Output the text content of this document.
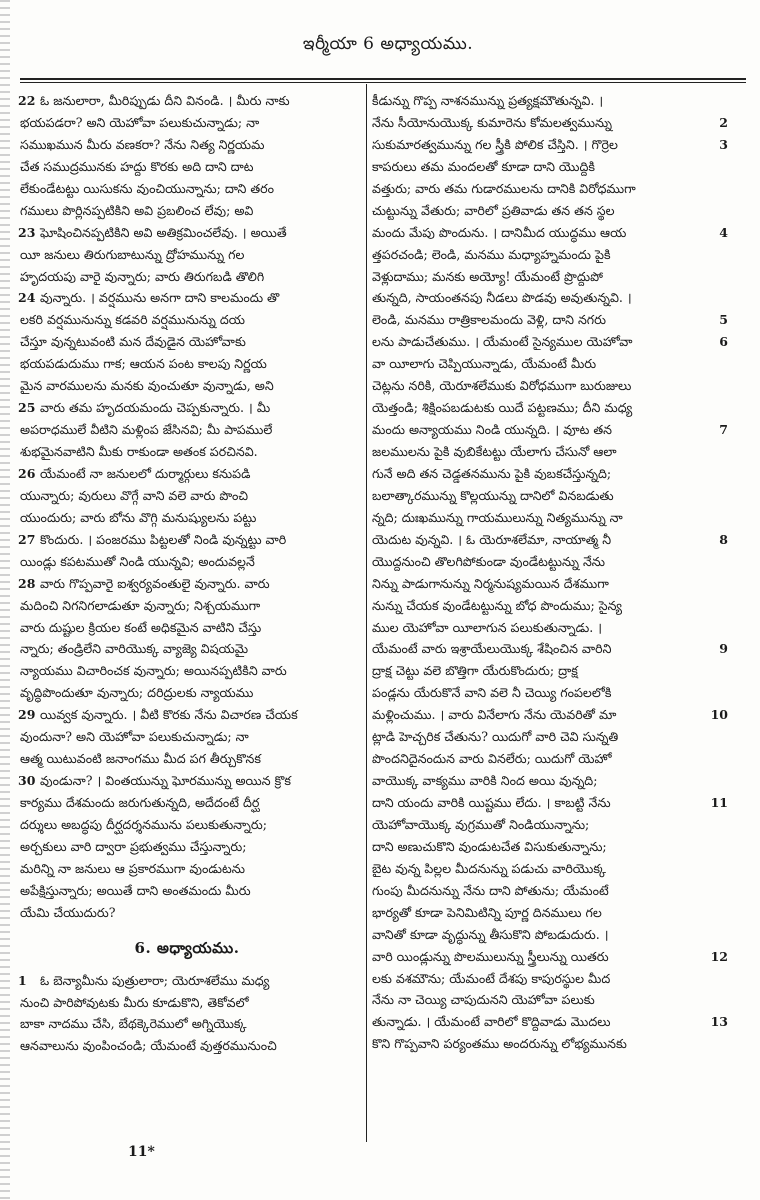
ఇర్మీయా 6 అధ్యాయము.
22 ఓ జనులారా, మీరిప్పుడు దీని వినండి. । మీరు నాకు
భయపడరా? అని యెహోవా పలుకుచున్నాడు; నా
సముఖమున మీరు వణకరా? నేను నిత్య నిర్ణయమ
చేత సముద్రమునకు హద్దు కొరకు అది దాని దాట
లేకుండేటట్టు యిసుకను వుంచియున్నాను; దాని తరం
గములు పొర్లినప్పటికిని అవి ప్రబలించ లేవు; అవి
23 ఘోషించినప్పటికిని అవి అతిక్రమించలేవు. । అయితే
యీ జనులు తిరుగుబాటున్ను ద్రోహమున్ను గల
హృదయపు వారై వున్నారు; వారు తిరుగబడి తొలిగి
24 వున్నారు. । వర్షమును అనగా దాని కాలమందు తొ
లకరి వర్షమునున్ను కడవరి వర్షమునున్ను దయ
చేస్తూ వున్నటువంటి మన దేవుడైన యెహోవాకు
భయపడుదుము గాక; ఆయన పంట కాలపు నిర్ణయ
మైన వారములను మనకు వుంచుతూ వున్నాడు, అని
25 వారు తమ హృదయమందు చెప్పకున్నారు. । మీ
అపరాధములే వీటిని మళ్లింప జేసినవి; మీ పాపములే
శుభమైనవాటిని మీకు రాకుండా అతంక పరచినవి.
26 యేమంటే నా జనులలో దుర్మార్గులు కనుపడి
యున్నారు; వురులు వొగ్గే వాని వలె వారు పొంచి
యుందురు; వారు బోను వొగ్గి మనుష్యులను పట్టు
27 కొందురు. । పంజరము పిట్టలతో నిండి వున్నట్టు వారి
యిండ్లు కపటముతో నిండి యున్నవి; అందువల్లనే
28 వారు గొప్పవారై ఐశ్వర్యవంతులై వున్నారు. వారు
మదించి నిగనిగలాడుతూ వున్నారు; నిశ్చయముగా
వారు దుష్టుల క్రియల కంటే అధికమైన వాటిని చేస్తు
న్నారు; తండ్రిలేని వారియొక్క వ్యాజ్యె విషయమై
న్యాయము విచారించక వున్నారు; అయినప్పటికిని వారు
వృద్ధిపొందుతూ వున్నారు; దరిద్రులకు న్యాయము
29 యివ్వక వున్నారు. । వీటి కొరకు నేను విచారణ చేయక
వుందునా? అని యెహోవా పలుకుచున్నాడు; నా
ఆత్మ యిటువంటి జనాంగము మీద పగ తీర్చుకొనక
30 వుండునా? । వింతయున్ను ఘోరమున్ను అయిన క్రొక
కార్యము దేశమందు జరుగుతున్నది, అదేదంటే దీర్ఘ
దర్శులు అబద్ధపు దీర్ఘదర్శనమును పలుకుతున్నారు;
అర్చకులు వారి ద్వారా ప్రభుత్వము చేస్తున్నారు;
మరిన్ని నా జనులు ఆ ప్రకారముగా వుండుటను
అపేక్షిస్తున్నారు; అయితే దాని అంతమందు మీరు
యేమి చేయుదురు?
6. అధ్యాయము.
1 ఓ బెన్యామీను పుత్రులారా; యెరూశలేము మధ్య
నుంచి పారిపోవుటకు మీరు కూడుకొని, తెకోవలో
బాకా నాదము చేసి, బేథక్కెరెములో అగ్నియొక్క
ఆనవాలును వుంపించండి; యేమంటే వుత్తరమునుంచి
కీడున్ను గొప్ప నాశనమున్ను ప్రత్యక్షమౌతున్నవి. ।
2
నేను సీయోనుయొక్క కుమారెను కోమలత్వమున్ను
3
సుకుమారత్వమున్ను గల స్త్రీకి పోలిక చేస్తిని. । గొర్రెల
కాపరులు తమ మందలతో కూడా దాని యొద్దికి
వత్తురు; వారు తమ గుడారములను దానికి విరోధముగా
చుట్టున్ను వేతురు; వారిలో ప్రతివాడు తన తన స్థల
4
మందు మేపు పొందును. । దానిమీద యుద్ధము ఆయ
త్తపరచండి; లెండి, మనము మధ్యాహ్నమందు పైకి
వెళ్లుదాము; మనకు అయ్యో! యేమంటే ప్రొద్దుపో
తున్నది, సాయంతనపు నీడలు పొడవు అవుతున్నవి. ।
5
లెండి, మనము రాత్రికాలమందు వెళ్లి, దాని నగరు
6
లను పాడుచేతుము. । యేమంటే సైన్యముల యెహోవా
వా యీలాగు చెప్పియున్నాడు, యేమంటే మీరు
చెట్లను నరికి, యెరూశలేముకు విరోధముగా బురుజులు
యెత్తండి; శిక్షింపబడుటకు యిదే పట్టణము; దీని మధ్య
7
మందు అన్యాయము నిండి యున్నది. । వూట తన
జలములను పైకి వుబికేటట్టు యేలాగు చేసునో ఆలా
గునే అది తన చెడ్డతనమును పైకి వుబకచేస్తున్నది;
బలాత్కారమున్ను కొల్లయున్ను దానిలో వినబడుతు
న్నది; దుఃఖమున్ను గాయములున్ను నిత్యమున్ను నా
8
యెదుట వున్నవి. । ఓ యెరూశలేమా, నాయాత్మ నీ
యొద్దనుంచి తొలగిపోకుండా వుండేటట్టున్ను నేను
నిన్ను పాడుగానున్ను నిర్మనుష్యమయిన దేశముగా
నున్ను చేయక వుండేటట్టున్ను బోధ పొందుము; సైన్య
ముల యెహోవా యీలాగున పలుకుతున్నాడు. ।
9
యేమంటే వారు ఇశ్రాయేలుయొక్క శేషించిన వారిని
ద్రాక్ష చెట్టు వలె బొత్తిగా యేరుకొందురు; ద్రాక్ష
పండ్లను యేరుకొనే వాని వలె నీ చెయ్యి గంపలలోకి
10
మళ్లించుము. । వారు వినేలాగు నేను యెవరితో మా
ట్లాడి హెచ్చరిక చేతును? యిదుగో వారి చెవి సున్నతి
పొందనిదైనందున వారు వినలేరు; యిదుగో యెహో
వాయొక్క వాక్యము వారికి నింద అయి వున్నది;
11
దాని యందు వారికి యిష్టము లేదు. । కాబట్టి నేను
యెహోవాయొక్క వుగ్రముతో నిండియున్నాను;
దాని అణుచుకొని వుండుటచేత విసుకుతున్నాను;
బైట వున్న పిల్లల మీదనున్ను పడుచు వారియొక్క
గుంపు మీదనున్ను నేను దాని పోతును; యేమంటే
భార్యతో కూడా పెనిమిటిన్ని పూర్ణ దినములు గల
వానితో కూడా వృద్ధున్ను తీసుకొని పోబడుదురు. ।
12
వారి యిండ్లున్ను పొలములున్ను స్త్రీలున్ను యితరు
లకు వశమౌను; యేమంటే దేశపు కాపురస్థుల మీద
నేను నా చెయ్యి చాపుదునని యెహోవా పలుకు
13
తున్నాడు. । యేమంటే వారిలో కొద్దివాడు మొదలు
కొని గొప్పవాని పర్యంతము అందరున్ను లోభ్యమునకు
11*
